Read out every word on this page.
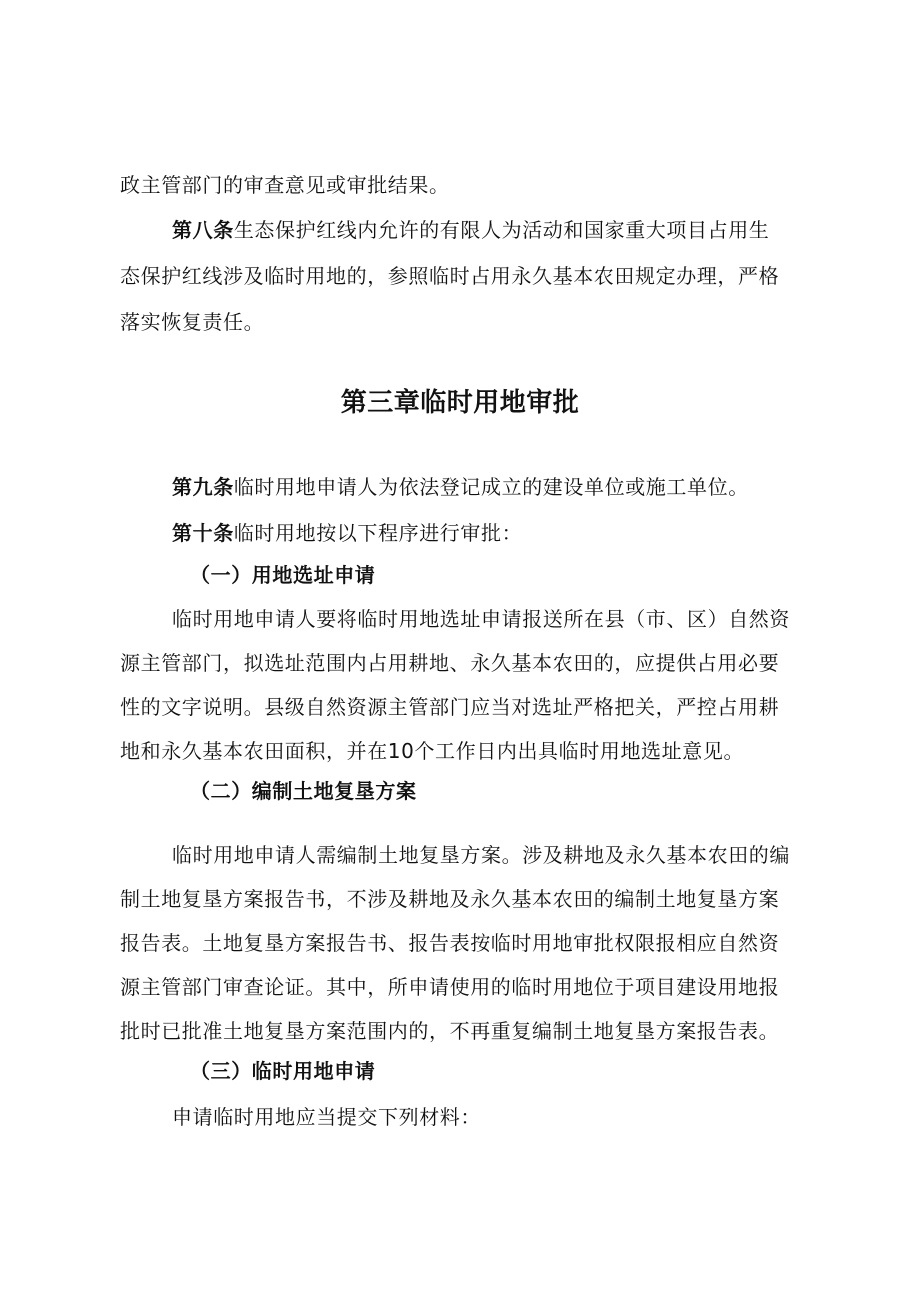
政主管部门的审查意见或审批结果。
第八条生态保护红线内允许的有限人为活动和国家重大项目占用生
态保护红线涉及临时用地的，参照临时占用永久基本农田规定办理，严格
落实恢复责任。
第三章临时用地审批
第九条临时用地申请人为依法登记成立的建设单位或施工单位。
第十条临时用地按以下程序进行审批：
（一）用地选址申请
临时用地申请人要将临时用地选址申请报送所在县（市、区）自然资
源主管部门，拟选址范围内占用耕地、永久基本农田的，应提供占用必要
性的文字说明。县级自然资源主管部门应当对选址严格把关，严控占用耕
地和永久基本农田面积，并在10个工作日内出具临时用地选址意见。
（二）编制土地复垦方案
临时用地申请人需编制土地复垦方案。涉及耕地及永久基本农田的编
制土地复垦方案报告书，不涉及耕地及永久基本农田的编制土地复垦方案
报告表。土地复垦方案报告书、报告表按临时用地审批权限报相应自然资
源主管部门审查论证。其中，所申请使用的临时用地位于项目建设用地报
批时已批准土地复垦方案范围内的，不再重复编制土地复垦方案报告表。
（三）临时用地申请
申请临时用地应当提交下列材料：
